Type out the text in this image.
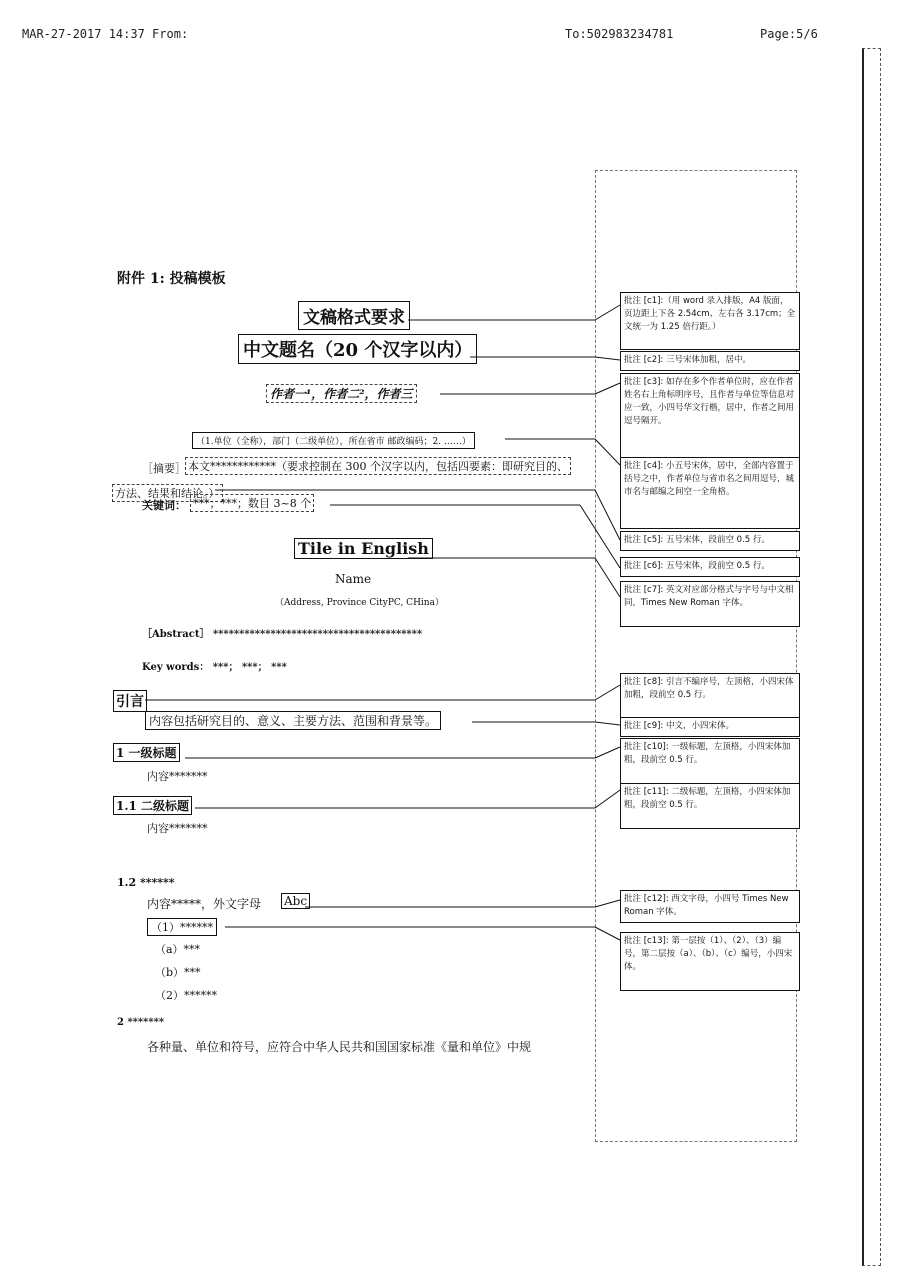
MAR-27-2017 14:37 From:	To:502983234781	Page:5/6
附件 1: 投稿模板
文稿格式要求
中文题名（20 个汉字以内）
作者一¹，作者二²，作者三
（1.单位（全称），部门（二级单位），所在省市 邮政编码；2. ……）
［摘要］ 本文************（要求控制在 300 个汉字以内，包括四要素：即研究目的、
方法、结果和结论。）
关键词： ***；***；数目 3~8 个
Tile in English
Name
（Address, Province CityPC, CHina）
［Abstract］ ****************************************
Key words： ***； ***； ***
引言
内容包括研究目的、意义、主要方法、范围和背景等。
1 一级标题
内容*******
1.1 二级标题
内容*******
1.2 ******
内容*****，外文字母 Abc
（1）******
（a）***
（b）***
（2）******
2 *******
各种量、单位和符号，应符合中华人民共和国国家标准《量和单位》中规
批注 [c1]:（用 word 录入排版，A4 版面，页边距上下各 2.54cm、左右各 3.17cm；全文统一为 1.25 倍行距。）
批注 [c2]: 三号宋体加粗，居中。
批注 [c3]: 如存在多个作者单位时，应在作者姓名右上角标明序号，且作者与单位等信息对应一致，小四号华文行楷，居中，作者之间用逗号隔开。
批注 [c4]: 小五号宋体，居中，全部内容置于括号之中，作者单位与省市名之间用逗号，城市名与邮编之间空一全角格。
批注 [c5]: 五号宋体，段前空 0.5 行。
批注 [c6]: 五号宋体，段前空 0.5 行。
批注 [c7]: 英文对应部分格式与字号与中文相同，Times New Roman 字体。
批注 [c8]: 引言不编序号，左顶格，小四宋体加粗，段前空 0.5 行。
批注 [c9]: 中文，小四宋体。
批注 [c10]: 一级标题，左顶格，小四宋体加粗，段前空 0.5 行。
批注 [c11]: 二级标题，左顶格，小四宋体加粗，段前空 0.5 行。
批注 [c12]: 西文字母，小四号 Times New Roman 字体。
批注 [c13]: 第一层按（1）、（2）、（3）编号，第二层按（a）、（b）、（c）编号，小四宋体。
